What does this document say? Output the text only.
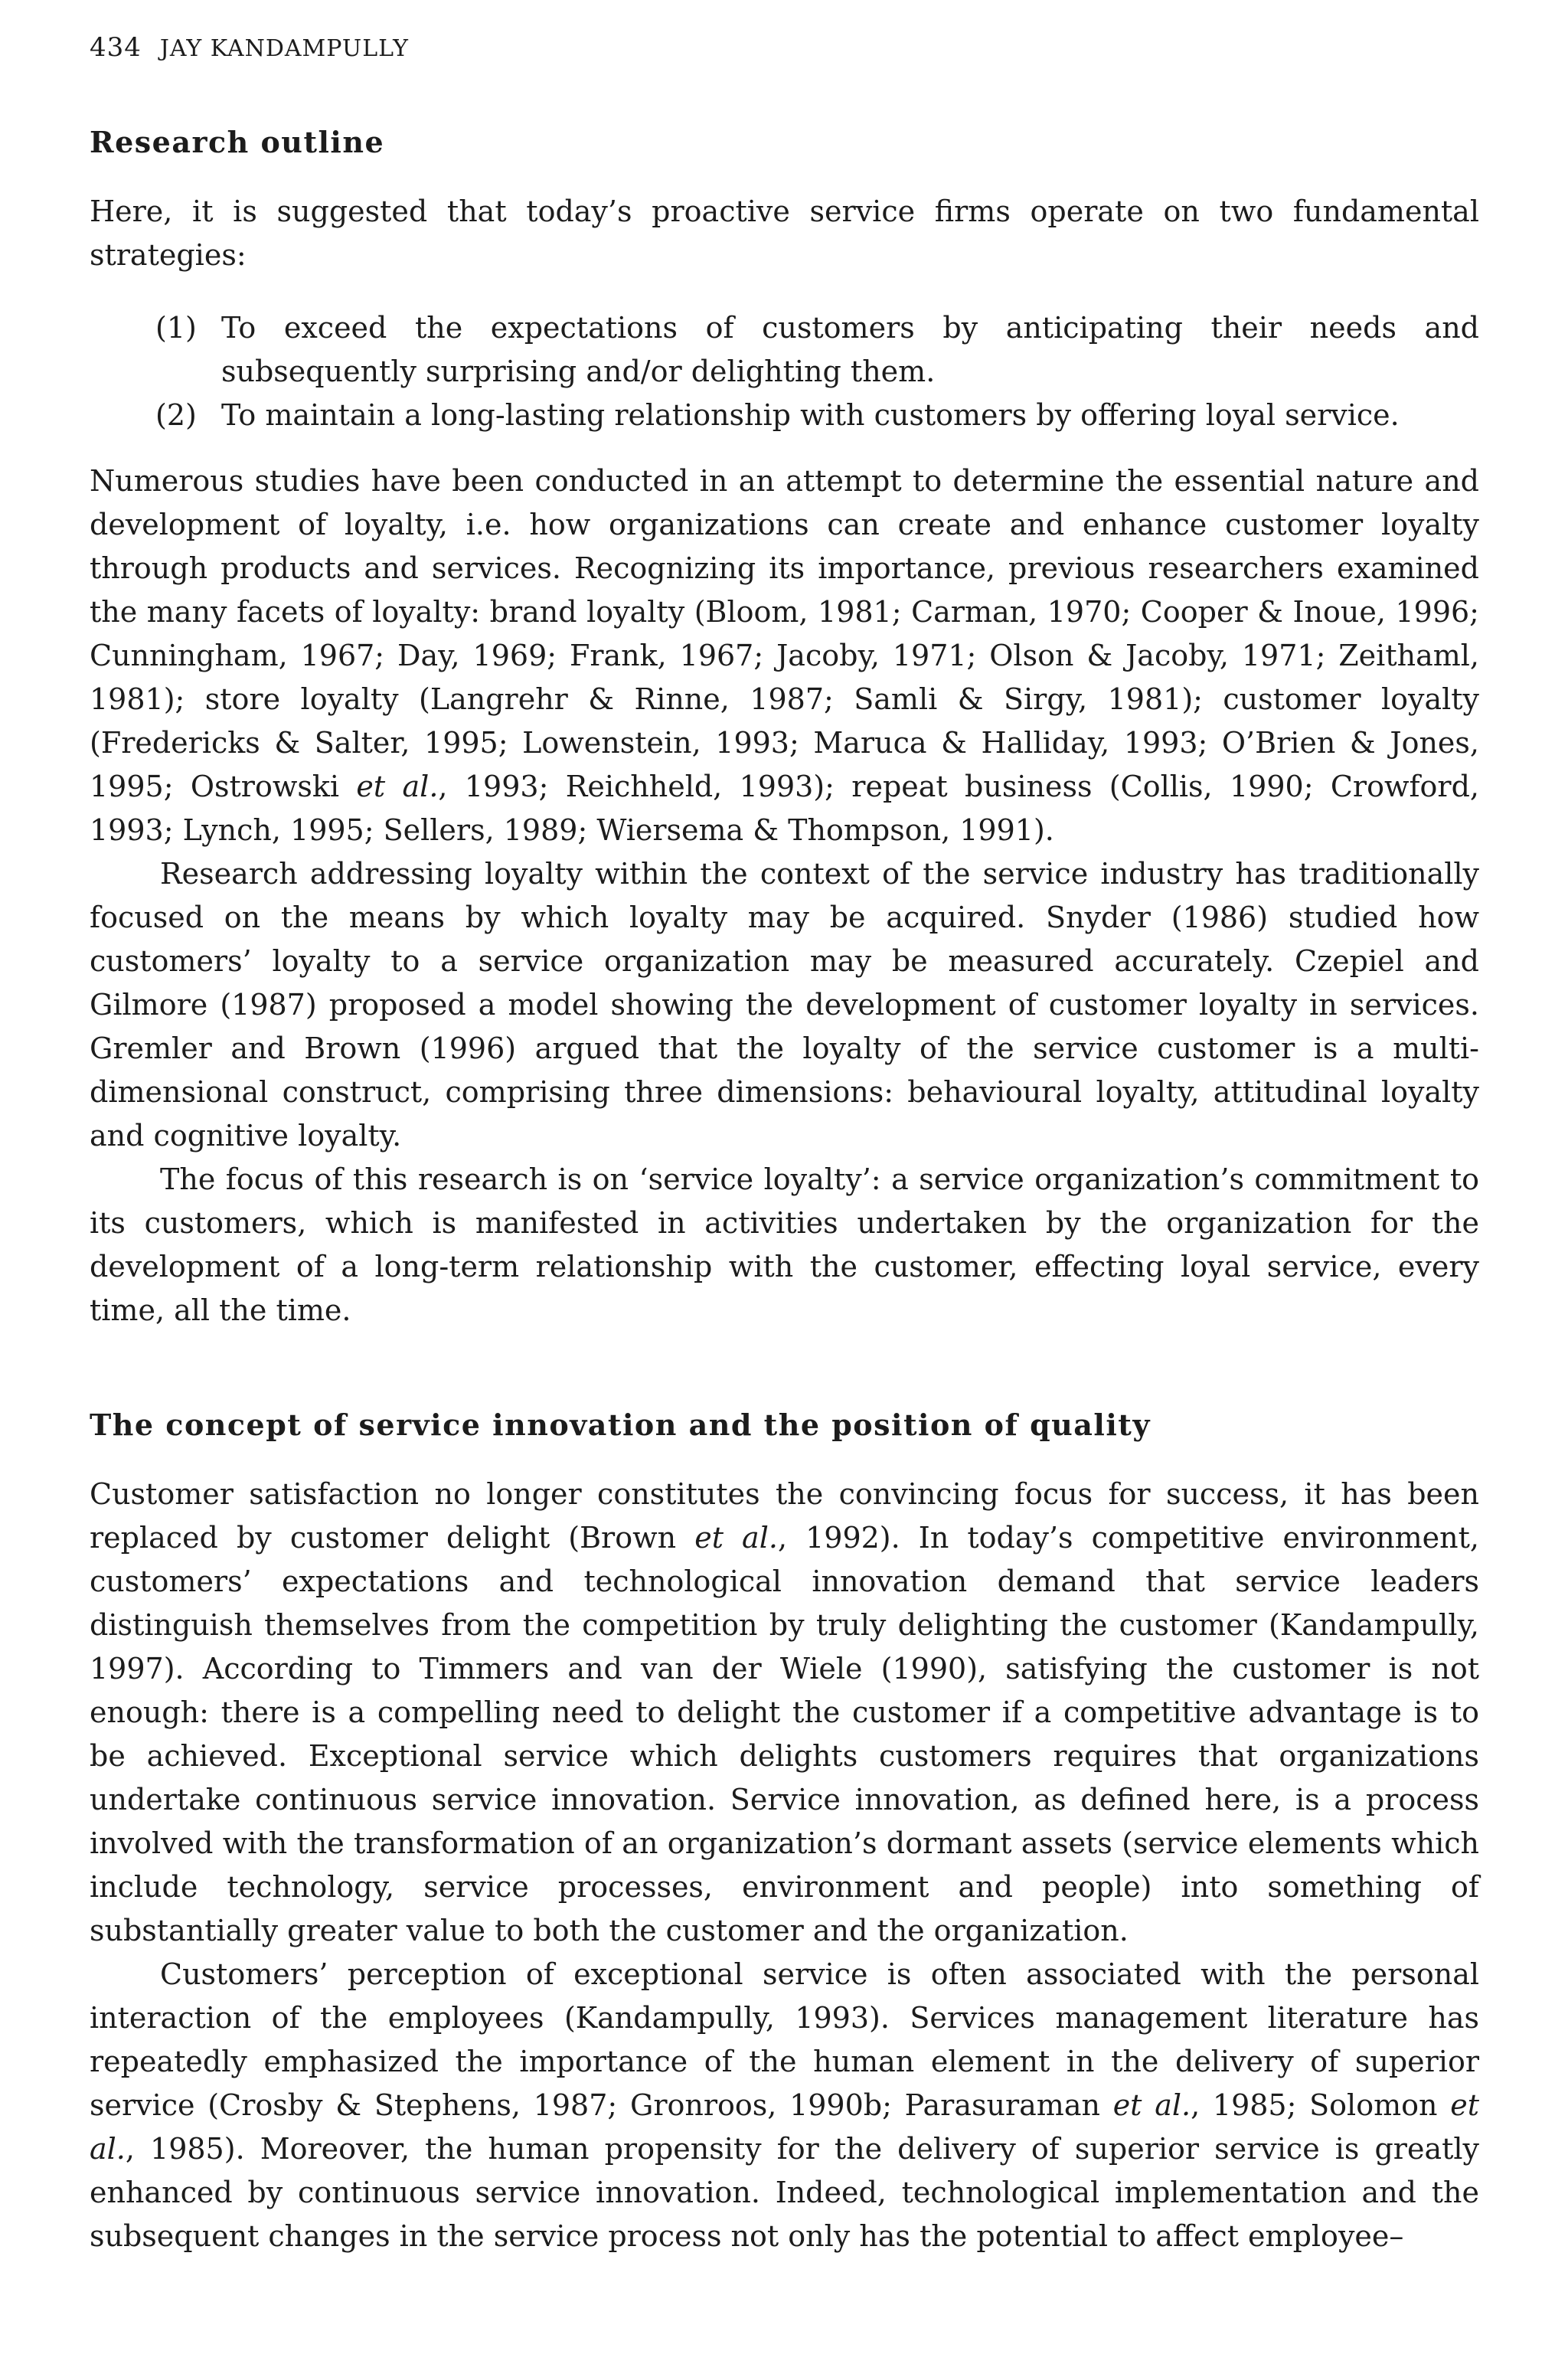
434 JAY KANDAMPULLY
Research outline

Here, it is suggested that today’s proactive service firms operate on two fundamental strategies:

(1) To exceed the expectations of customers by anticipating their needs and subsequently surprising and/or delighting them.
(2) To maintain a long-lasting relationship with customers by offering loyal service.

Numerous studies have been conducted in an attempt to determine the essential nature and development of loyalty, i.e. how organizations can create and enhance customer loyalty through products and services. Recognizing its importance, previous researchers examined the many facets of loyalty: brand loyalty (Bloom, 1981; Carman, 1970; Cooper & Inoue, 1996; Cunningham, 1967; Day, 1969; Frank, 1967; Jacoby, 1971; Olson & Jacoby, 1971; Zeithaml, 1981); store loyalty (Langrehr & Rinne, 1987; Samli & Sirgy, 1981); customer loyalty (Fredericks & Salter, 1995; Lowenstein, 1993; Maruca & Halliday, 1993; O’Brien & Jones, 1995; Ostrowski et al., 1993; Reichheld, 1993); repeat business (Collis, 1990; Crowford, 1993; Lynch, 1995; Sellers, 1989; Wiersema & Thompson, 1991).

Research addressing loyalty within the context of the service industry has traditionally focused on the means by which loyalty may be acquired. Snyder (1986) studied how customers’ loyalty to a service organization may be measured accurately. Czepiel and Gilmore (1987) proposed a model showing the development of customer loyalty in services. Gremler and Brown (1996) argued that the loyalty of the service customer is a multi-dimensional construct, comprising three dimensions: behavioural loyalty, attitudinal loyalty and cognitive loyalty.

The focus of this research is on ‘service loyalty’: a service organization’s commitment to its customers, which is manifested in activities undertaken by the organization for the development of a long-term relationship with the customer, effecting loyal service, every time, all the time.

The concept of service innovation and the position of quality

Customer satisfaction no longer constitutes the convincing focus for success, it has been replaced by customer delight (Brown et al., 1992). In today’s competitive environment, customers’ expectations and technological innovation demand that service leaders distinguish themselves from the competition by truly delighting the customer (Kandampully, 1997). According to Timmers and van der Wiele (1990), satisfying the customer is not enough: there is a compelling need to delight the customer if a competitive advantage is to be achieved. Exceptional service which delights customers requires that organizations undertake continuous service innovation. Service innovation, as defined here, is a process involved with the transformation of an organization’s dormant assets (service elements which include technology, service processes, environment and people) into something of substantially greater value to both the customer and the organization.

Customers’ perception of exceptional service is often associated with the personal interaction of the employees (Kandampully, 1993). Services management literature has repeatedly emphasized the importance of the human element in the delivery of superior service (Crosby & Stephens, 1987; Gronroos, 1990b; Parasuraman et al., 1985; Solomon et al., 1985). Moreover, the human propensity for the delivery of superior service is greatly enhanced by continuous service innovation. Indeed, technological implementation and the subsequent changes in the service process not only has the potential to affect employee–
